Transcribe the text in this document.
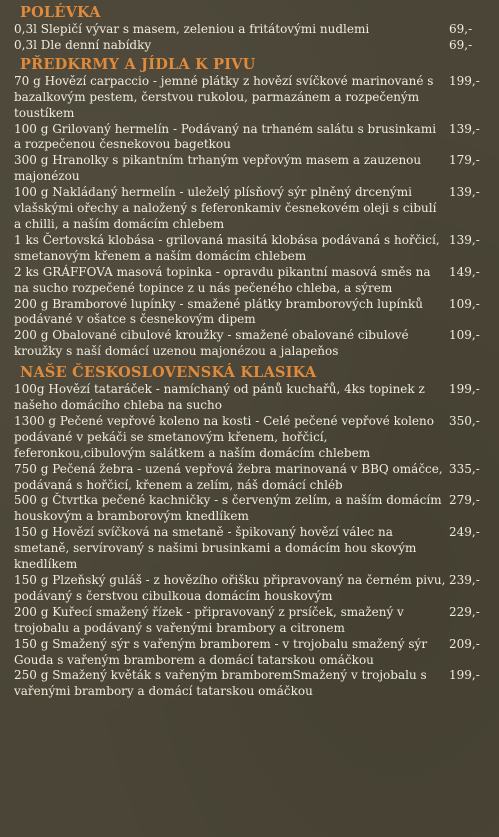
POLÉVKA
0,3l Slepičí vývar s masem, zeleniou a fritátovými nudlemi	69,-
0,3l Dle denní nabídky	69,-
PŘEDKRMY A JÍDLA K PIVU
70 g Hovězí carpaccio - jemné plátky z hovězí svíčkové marinované s bazalkovým pestem, čerstvou rukolou, parmazánem a rozpečeným toustíkem
199,-
100 g Grilovaný hermelín - Podávaný na trhaném salátu s brusinkami a rozpečenou česnekovou bagetkou
139,-
300 g Hranolky s pikantním trhaným vepřovým masem a zauzenou majonézou
179,-
100 g Nakládaný hermelín - uleželý plísňový sýr plněný drcenými vlašskými ořechy a naložený s feferonkamiv česnekovém oleji s cibulí a chilli, a naším domácím chlebem
139,-
1 ks Čertovská klobása - grilovaná masitá klobása podávaná s hořčicí, smetanovým křenem a naším domácím chlebem
139,-
2 ks GRÁFFOVA masová topinka - opravdu pikantní masová směs na na sucho rozpečené topince z u nás pečeného chleba, a sýrem
149,-
200 g Bramborové lupínky - smažené plátky bramborových lupínků podávané v ošatce s česnekovým dipem
109,-
200 g Obalované cibulové kroužky - smažené obalované cibulové kroužky s naší domácí uzenou majonézou a jalapeňos
109,-
NAŠE ČESKOSLOVENSKÁ KLASIKA
100g Hovězí tataráček - namíchaný od pánů kuchařů, 4ks topinek z našeho domácího chleba na sucho
199,-
1300 g Pečené vepřové koleno na kosti - Celé pečené vepřové koleno podávané v pekáči se smetanovým křenem, hořčicí, feferonkou,cibulovým salátkem a naším domácím chlebem
350,-
750 g Pečená žebra - uzená vepřová žebra marinovaná v BBQ omáčce, podávaná s hořčicí, křenem a zelím, náš domácí chléb
335,-
500 g Čtvrtka pečené kachničky - s červeným zelím, a naším domácím houskovým a bramborovým knedlíkem
279,-
150 g Hovězí svíčková na smetaně - špikovaný hovězí válec na smetaně, servírovaný s našimi brusinkami a domácím hou skovým knedlíkem
249,-
150 g Plzeňský guláš - z hovězího ořišku připravovaný na černém pivu, podávaný s čerstvou cibulkoua domácím houskovým
239,-
200 g Kuřecí smažený řízek - připravovaný z prsíček, smažený v trojobalu a podávaný s vařenými brambory a citronem
229,-
150 g Smažený sýr s vařeným bramborem - v trojobalu smažený sýr Gouda s vařeným bramborem a domácí tatarskou omáčkou
209,-
250 g Smažený květák s vařeným bramboremSmažený v trojobalu s vařenými brambory a domácí tatarskou omáčkou
199,-
